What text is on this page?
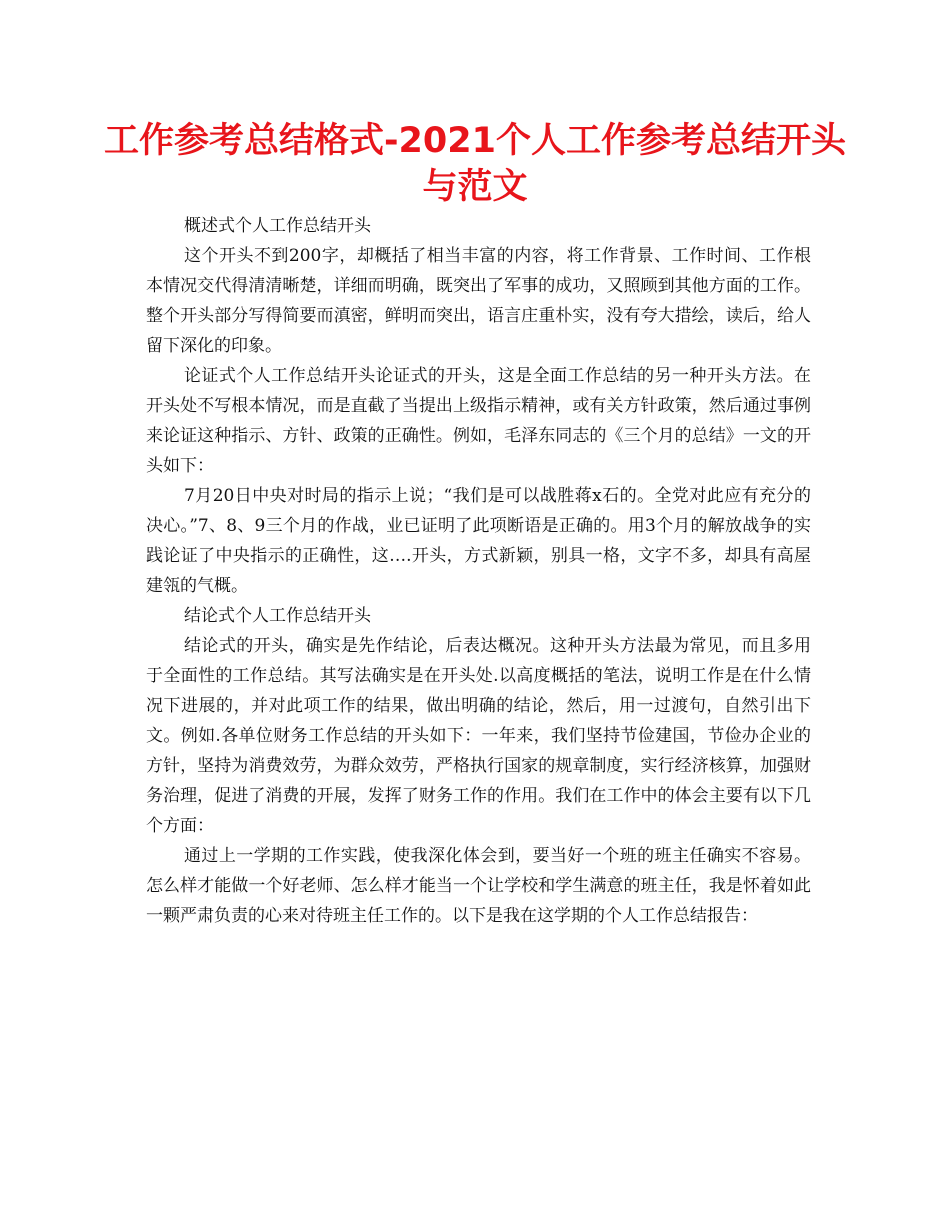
工作参考总结格式-2021个人工作参考总结开头与范文

概述式个人工作总结开头

这个开头不到200字，却概括了相当丰富的内容，将工作背景、工作时间、工作根本情况交代得清清晰楚，详细而明确，既突出了军事的成功，又照顾到其他方面的工作。整个开头部分写得简要而滇密，鲜明而突出，语言庄重朴实，没有夸大措绘，读后，给人留下深化的印象。

论证式个人工作总结开头论证式的开头，这是全面工作总结的另一种开头方法。在开头处不写根本情况，而是直截了当提出上级指示精神，或有关方针政策，然后通过事例来论证这种指示、方针、政策的正确性。例如，毛泽东同志的《三个月的总结》一文的开头如下：

7月20日中央对时局的指示上说；“我们是可以战胜蒋x石的。全党对此应有充分的决心。”7、8、9三个月的作战，业已证明了此项断语是正确的。用3个月的解放战争的实践论证了中央指示的正确性，这….开头，方式新颖，别具一格，文字不多，却具有高屋建瓴的气概。

结论式个人工作总结开头

结论式的开头，确实是先作结论，后表达概况。这种开头方法最为常见，而且多用于全面性的工作总结。其写法确实是在开头处.以高度概括的笔法，说明工作是在什么情况下进展的，并对此项工作的结果，做出明确的结论，然后，用一过渡句，自然引出下文。例如.各单位财务工作总结的开头如下：一年来，我们坚持节俭建国，节俭办企业的方针，坚持为消费效劳，为群众效劳，严格执行国家的规章制度，实行经济核算，加强财务治理，促进了消费的开展，发挥了财务工作的作用。我们在工作中的体会主要有以下几个方面：

通过上一学期的工作实践，使我深化体会到，要当好一个班的班主任确实不容易。怎么样才能做一个好老师、怎么样才能当一个让学校和学生满意的班主任，我是怀着如此一颗严肃负责的心来对待班主任工作的。以下是我在这学期的个人工作总结报告：
